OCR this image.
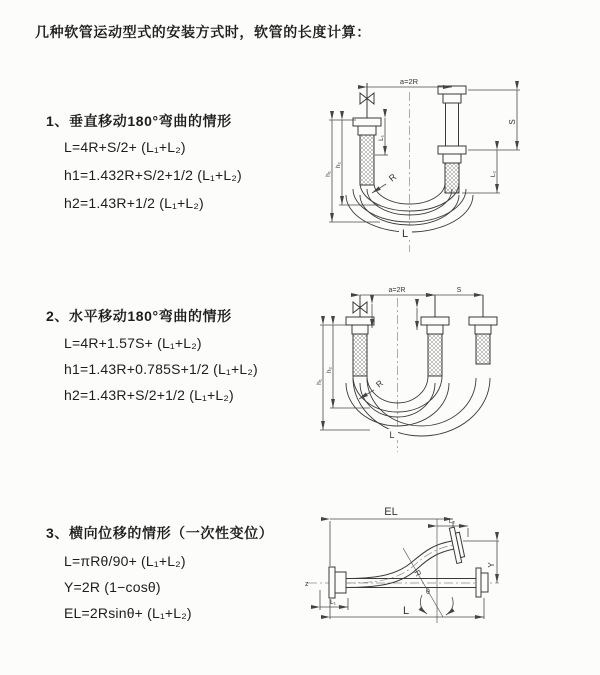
几种软管运动型式的安装方式时，软管的长度计算：
1、垂直移动180°弯曲的情形
L=4R+S/2+ (L₁+L₂)
h1=1.432R+S/2+1/2 (L₁+L₂)
h2=1.43R+1/2 (L₁+L₂)
2、水平移动180°弯曲的情形
L=4R+1.57S+ (L₁+L₂)
h1=1.43R+0.785S+1/2 (L₁+L₂)
h2=1.43R+S/2+1/2 (L₁+L₂)
3、横向位移的情形（一次性变位）
L=πRθ/90+ (L₁+L₂)
Y=2R (1−cosθ)
EL=2Rsinθ+ (L₁+L₂)
a=2R
S
L₂
L₁
h₁
h₂
R
L
a=2R	S
h₁
h₂
R
L
EL
L₂
Y
R
θ
L₁
L
z
